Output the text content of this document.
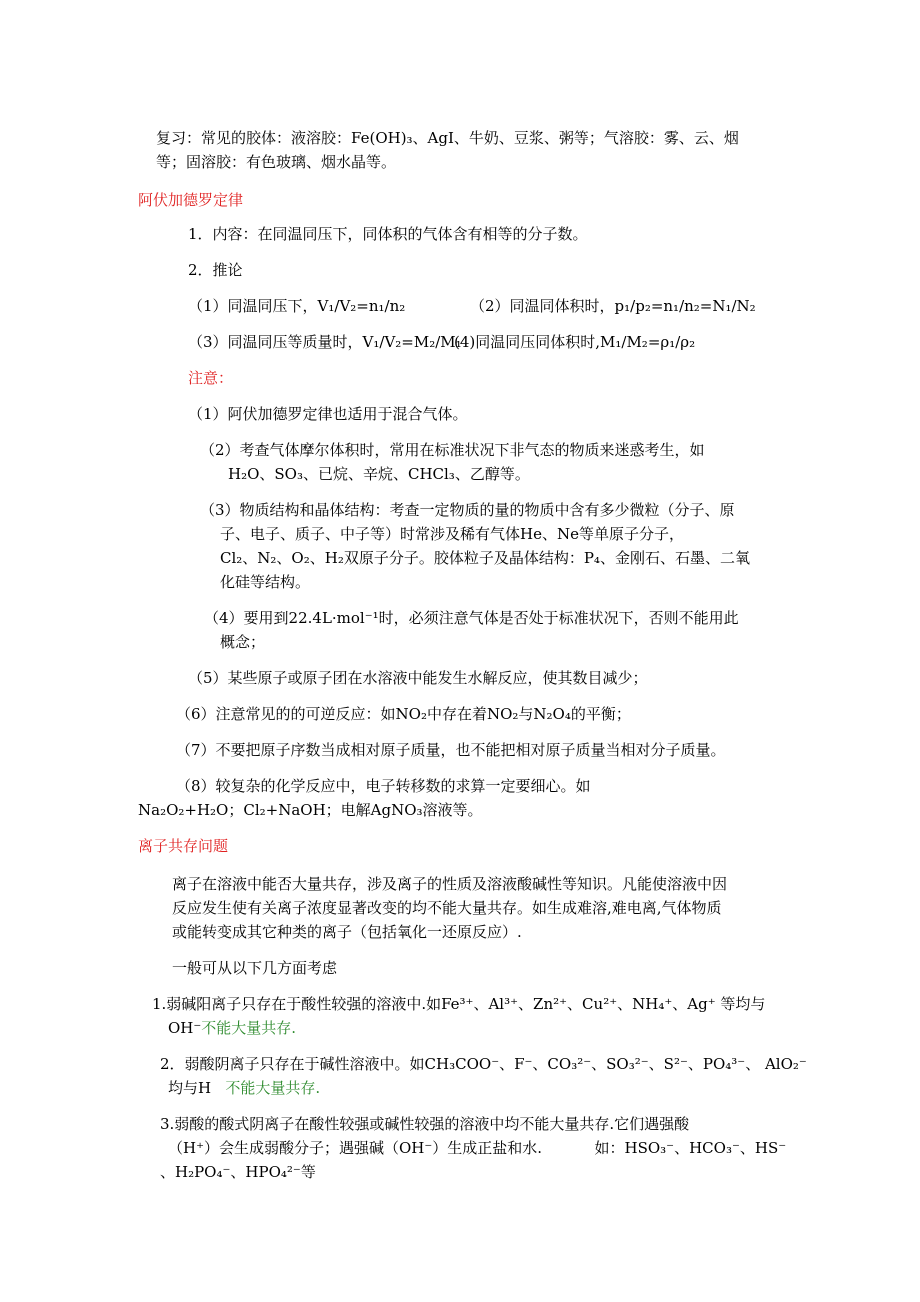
复习：常见的胶体：液溶胶：Fe(OH)₃、AgI、牛奶、豆浆、粥等；气溶胶：雾、云、烟
等；固溶胶：有色玻璃、烟水晶等。
阿伏加德罗定律
1．内容：在同温同压下，同体积的气体含有相等的分子数。
2．推论
（1）同温同压下，V₁/V₂=n₁/n₂	（2）同温同体积时，p₁/p₂=n₁/n₂=N₁/N₂
（3）同温同压等质量时，V₁/V₂=M₂/M₁
(4)同温同压同体积时,M₁/M₂=ρ₁/ρ₂
注意：
（1）阿伏加德罗定律也适用于混合气体。
（2）考查气体摩尔体积时，常用在标准状况下非气态的物质来迷惑考生，如
H₂O、SO₃、已烷、辛烷、CHCl₃、乙醇等。
（3）物质结构和晶体结构：考查一定物质的量的物质中含有多少微粒（分子、原
子、电子、质子、中子等）时常涉及稀有气体He、Ne等单原子分子，
Cl₂、N₂、O₂、H₂双原子分子。胶体粒子及晶体结构：P₄、金刚石、石墨、二氧
化硅等结构。
（4）要用到22.4L·mol⁻¹时，必须注意气体是否处于标准状况下，否则不能用此
概念；
（5）某些原子或原子团在水溶液中能发生水解反应，使其数目减少；
（6）注意常见的的可逆反应：如NO₂中存在着NO₂与N₂O₄的平衡；
（7）不要把原子序数当成相对原子质量，也不能把相对原子质量当相对分子质量。
（8）较复杂的化学反应中，电子转移数的求算一定要细心。如
Na₂O₂+H₂O；Cl₂+NaOH；电解AgNO₃溶液等。
离子共存问题
离子在溶液中能否大量共存，涉及离子的性质及溶液酸碱性等知识。凡能使溶液中因
反应发生使有关离子浓度显著改变的均不能大量共存。如生成难溶,难电离,气体物质
或能转变成其它种类的离子（包括氧化一还原反应）.
一般可从以下几方面考虑
1.弱碱阳离子只存在于酸性较强的溶液中.如Fe³⁺、Al³⁺、Zn²⁺、Cu²⁺、NH₄⁺、Ag⁺ 等均与
OH⁻不能大量共存.
2．弱酸阴离子只存在于碱性溶液中。如CH₃COO⁻、F⁻、CO₃²⁻、SO₃²⁻、S²⁻、PO₄³⁻、 AlO₂⁻
均与H   不能大量共存.
3.弱酸的酸式阴离子在酸性较强或碱性较强的溶液中均不能大量共存.它们遇强酸
（H⁺）会生成弱酸分子；遇强碱（OH⁻）生成正盐和水.           如：HSO₃⁻、HCO₃⁻、HS⁻
、H₂PO₄⁻、HPO₄²⁻等
